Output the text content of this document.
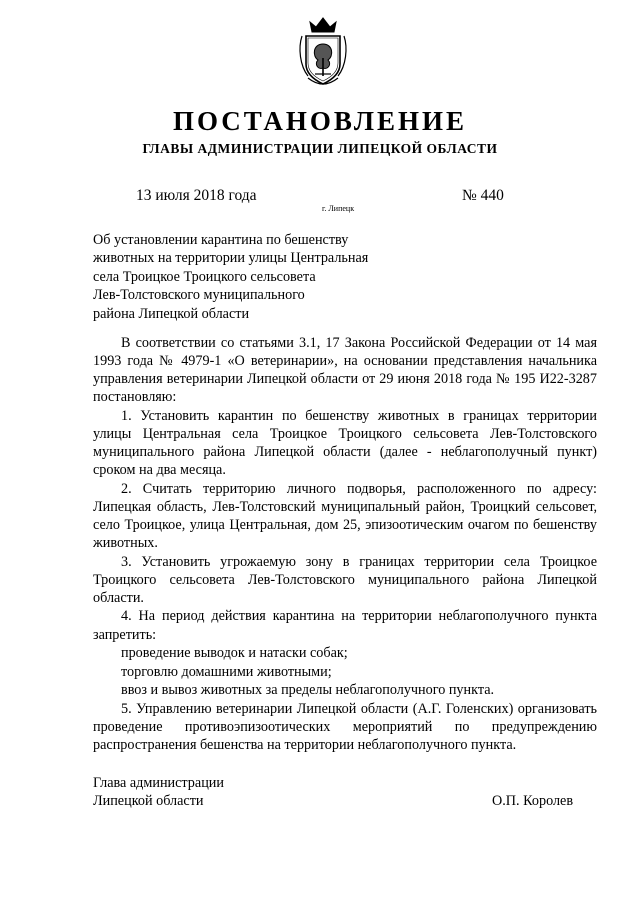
ПОСТАНОВЛЕНИЕ
ГЛАВЫ АДМИНИСТРАЦИИ ЛИПЕЦКОЙ ОБЛАСТИ
13 июля 2018 года
г. Липецк
№ 440
Об установлении карантина по бешенству
животных на территории улицы Центральная
села Троицкое Троицкого сельсовета
Лев-Толстовского муниципального
района Липецкой области

В соответствии со статьями 3.1, 17 Закона Российской Федерации от 14 мая 1993 года № 4979-1 «О ветеринарии», на основании представления начальника управления ветеринарии Липецкой области от 29 июня 2018 года № 195 И22-3287 постановляю:

1. Установить карантин по бешенству животных в границах территории улицы Центральная села Троицкое Троицкого сельсовета Лев-Толстовского муниципального района Липецкой области (далее - неблагополучный пункт) сроком на два месяца.

2. Считать территорию личного подворья, расположенного по адресу: Липецкая область, Лев-Толстовский муниципальный район, Троицкий сельсовет, село Троицкое, улица Центральная, дом 25, эпизоотическим очагом по бешенству животных.

3. Установить угрожаемую зону в границах территории села Троицкое Троицкого сельсовета Лев-Толстовского муниципального района Липецкой области.

4. На период действия карантина на территории неблагополучного пункта запретить:

проведение выводок и натаски собак;

торговлю домашними животными;

ввоз и вывоз животных за пределы неблагополучного пункта.

5. Управлению ветеринарии Липецкой области (А.Г. Голенских) организовать проведение противоэпизоотических мероприятий по предупреждению распространения бешенства на территории неблагополучного пункта.

Глава администрации
Липецкой области	О.П. Королев
